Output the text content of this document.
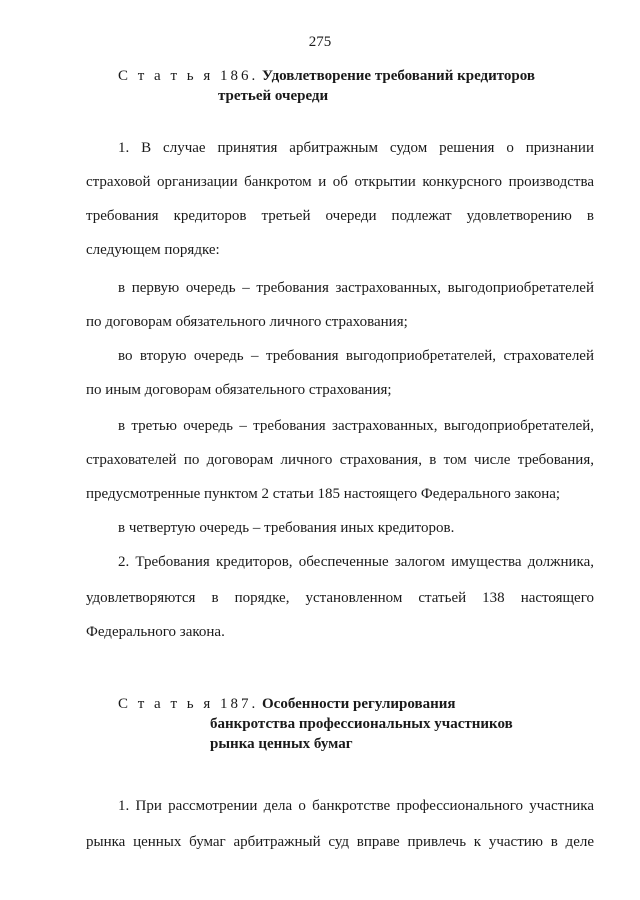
275
С т а т ь я 186. Удовлетворение требований кредиторов
третьей очереди
1. В случае принятия арбитражным судом решения о признании
страховой организации банкротом и об открытии конкурсного производства
требования кредиторов третьей очереди подлежат удовлетворению в
следующем порядке:
в первую очередь – требования застрахованных, выгодоприобретателей
по договорам обязательного личного страхования;
во вторую очередь – требования выгодоприобретателей, страхователей
по иным договорам обязательного страхования;
в третью очередь – требования застрахованных, выгодоприобретателей,
страхователей по договорам личного страхования, в том числе требования,
предусмотренные пунктом 2 статьи 185 настоящего Федерального закона;
в четвертую очередь – требования иных кредиторов.
2. Требования кредиторов, обеспеченные залогом имущества должника,
удовлетворяются в порядке, установленном статьей 138 настоящего
Федерального закона.
С т а т ь я 187. Особенности регулирования
банкротства профессиональных участников
рынка ценных бумаг
1. При рассмотрении дела о банкротстве профессионального участника
рынка ценных бумаг арбитражный суд вправе привлечь к участию в деле
